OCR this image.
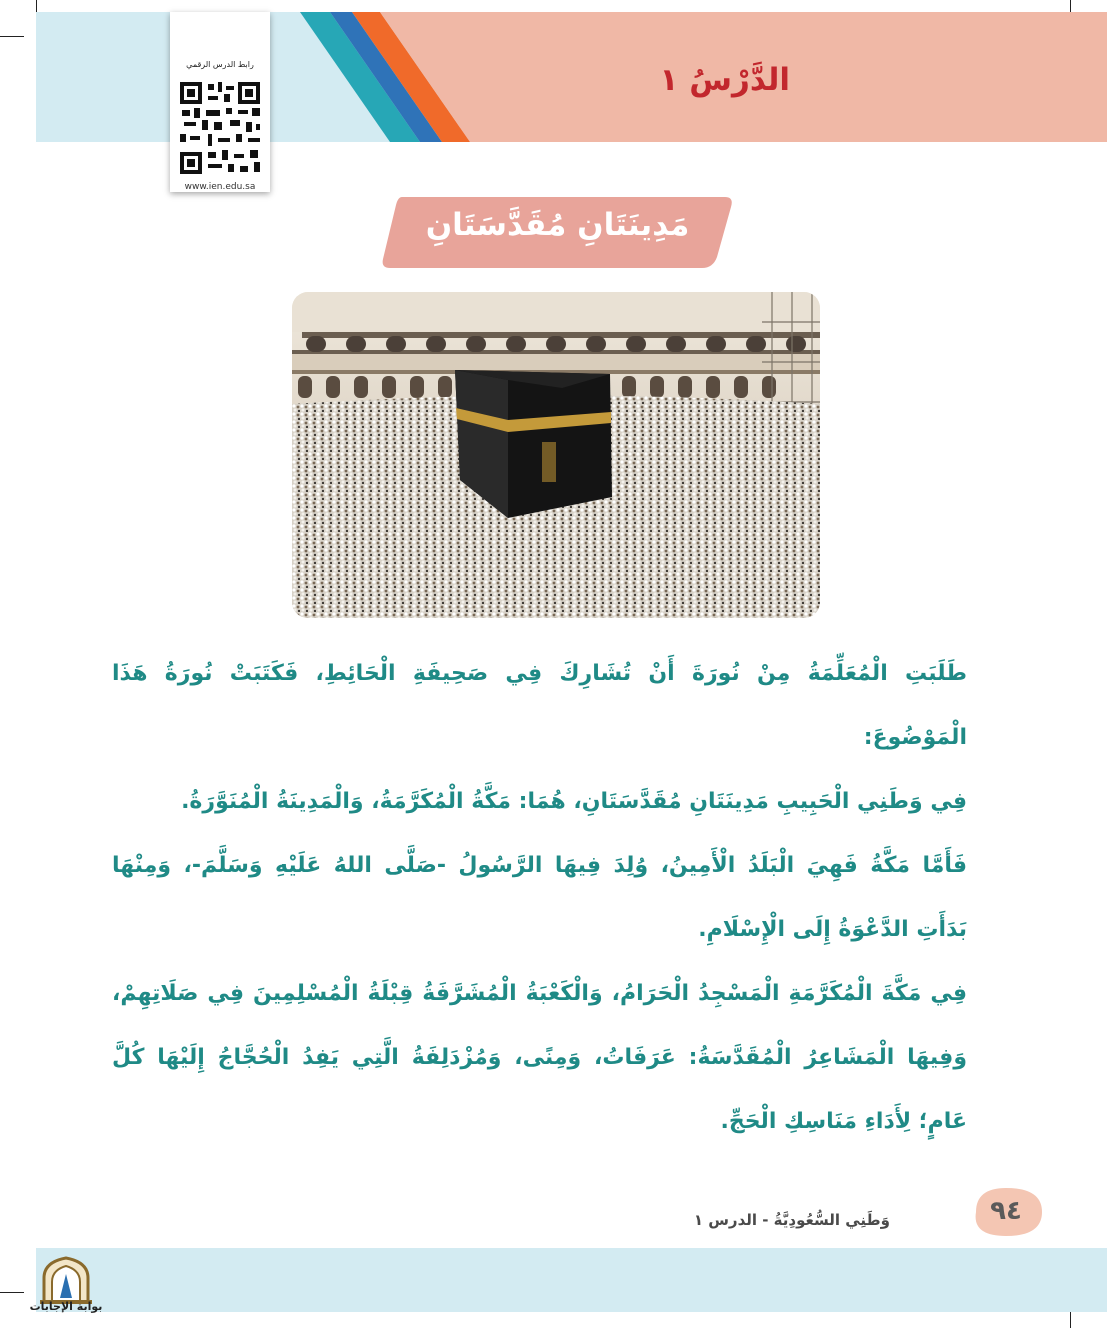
الدَّرْسُ ١
رابط الدرس الرقمي
www.ien.edu.sa
مَدِينَتَانِ مُقَدَّسَتَانِ
طَلَبَتِ الْمُعَلِّمَةُ مِنْ نُورَةَ أَنْ تُشَارِكَ فِي صَحِيفَةِ الْحَائِطِ، فَكَتَبَتْ نُورَةُ هَذَا الْمَوْضُوعَ:
فِي وَطَنِي الْحَبِيبِ مَدِينَتَانِ مُقَدَّسَتَانِ، هُمَا: مَكَّةُ الْمُكَرَّمَةُ، وَالْمَدِينَةُ الْمُنَوَّرَةُ.
فَأَمَّا مَكَّةُ فَهِيَ الْبَلَدُ الْأَمِينُ، وُلِدَ فِيهَا الرَّسُولُ -صَلَّى اللهُ عَلَيْهِ وَسَلَّمَ-، وَمِنْهَا بَدَأَتِ الدَّعْوَةُ إِلَى الْإِسْلَامِ.
فِي مَكَّةَ الْمُكَرَّمَةِ الْمَسْجِدُ الْحَرَامُ، وَالْكَعْبَةُ الْمُشَرَّفَةُ قِبْلَةُ الْمُسْلِمِينَ فِي صَلَاتِهِمْ، وَفِيهَا الْمَشَاعِرُ الْمُقَدَّسَةُ: عَرَفَاتُ، وَمِنًى، وَمُزْدَلِفَةُ الَّتِي يَفِدُ الْحُجَّاجُ إِلَيْهَا كُلَّ عَامٍ؛ لِأَدَاءِ مَنَاسِكِ الْحَجِّ.
٩٤
وَطَنِي السُّعُودِيَّةُ - الدرس ١
بوابة الإجابات
